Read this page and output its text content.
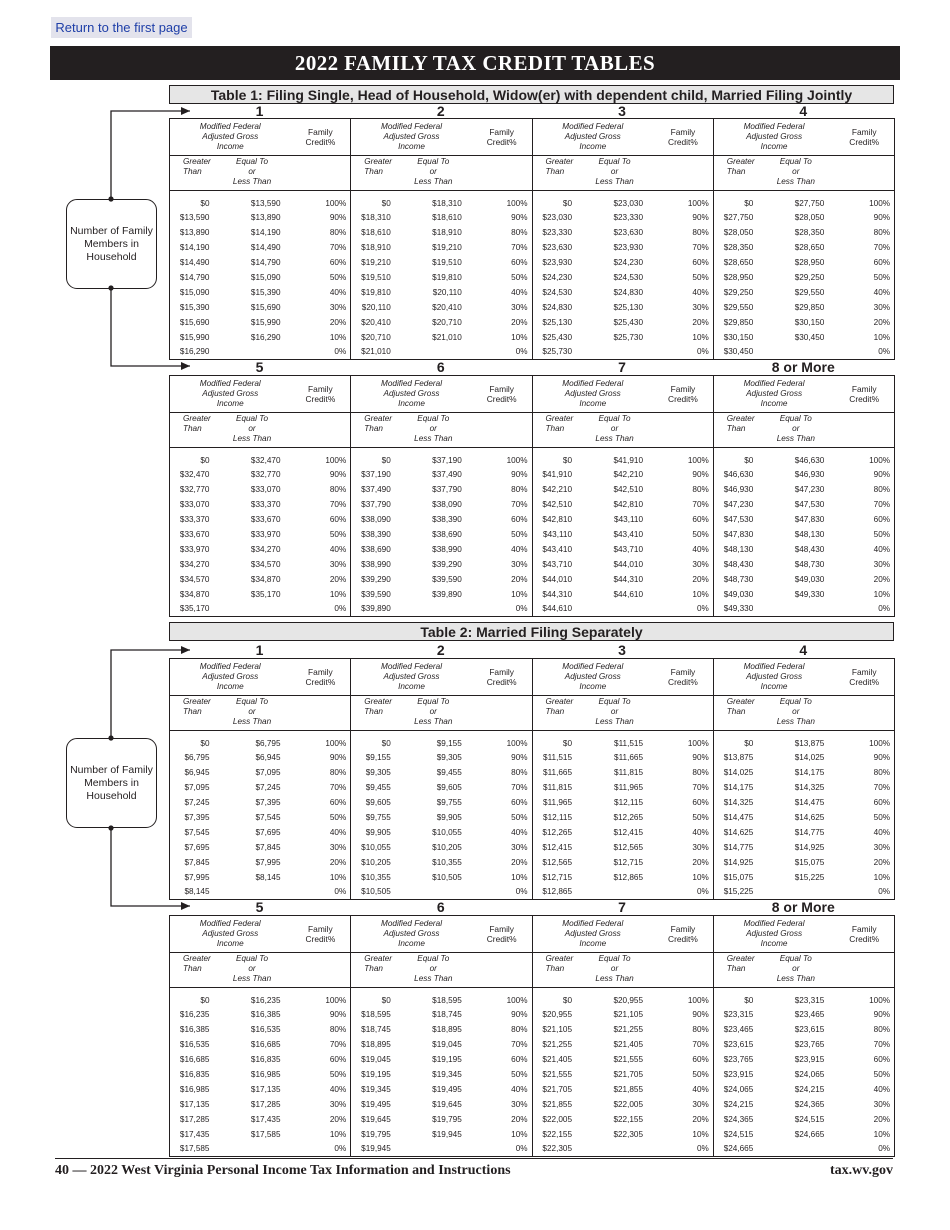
Return to the first page
2022 FAMILY TAX CREDIT TABLES
Number of Family
Members in
Household
Number of Family
Members in
Household
Table 1: Filing Single, Head of Household, Widow(er) with dependent child, Married Filing Jointly
Table 2: Married Filing Separately
40 — 2022 West Virginia Personal Income Tax Information and Instructions	tax.wv.gov
1	2	3	4
Modified Federal
Adjusted Gross
Income		Family
Credit%	Modified Federal
Adjusted Gross
Income		Family
Credit%	Modified Federal
Adjusted Gross
Income		Family
Credit%	Modified Federal
Adjusted Gross
Income		Family
Credit%
Greater
Than	Equal To
or
Less Than		Greater
Than	Equal To
or
Less Than		Greater
Than	Equal To
or
Less Than		Greater
Than	Equal To
or
Less Than	
$0	$13,590	100%	$0	$18,310	100%	$0	$23,030	100%	$0	$27,750	100%
$13,590	$13,890	90%	$18,310	$18,610	90%	$23,030	$23,330	90%	$27,750	$28,050	90%
$13,890	$14,190	80%	$18,610	$18,910	80%	$23,330	$23,630	80%	$28,050	$28,350	80%
$14,190	$14,490	70%	$18,910	$19,210	70%	$23,630	$23,930	70%	$28,350	$28,650	70%
$14,490	$14,790	60%	$19,210	$19,510	60%	$23,930	$24,230	60%	$28,650	$28,950	60%
$14,790	$15,090	50%	$19,510	$19,810	50%	$24,230	$24,530	50%	$28,950	$29,250	50%
$15,090	$15,390	40%	$19,810	$20,110	40%	$24,530	$24,830	40%	$29,250	$29,550	40%
$15,390	$15,690	30%	$20,110	$20,410	30%	$24,830	$25,130	30%	$29,550	$29,850	30%
$15,690	$15,990	20%	$20,410	$20,710	20%	$25,130	$25,430	20%	$29,850	$30,150	20%
$15,990	$16,290	10%	$20,710	$21,010	10%	$25,430	$25,730	10%	$30,150	$30,450	10%
$16,290		0%	$21,010		0%	$25,730		0%	$30,450		0%
5	6	7	8 or More
Modified Federal
Adjusted Gross
Income		Family
Credit%	Modified Federal
Adjusted Gross
Income		Family
Credit%	Modified Federal
Adjusted Gross
Income		Family
Credit%	Modified Federal
Adjusted Gross
Income		Family
Credit%
Greater
Than	Equal To
or
Less Than		Greater
Than	Equal To
or
Less Than		Greater
Than	Equal To
or
Less Than		Greater
Than	Equal To
or
Less Than	
$0	$32,470	100%	$0	$37,190	100%	$0	$41,910	100%	$0	$46,630	100%
$32,470	$32,770	90%	$37,190	$37,490	90%	$41,910	$42,210	90%	$46,630	$46,930	90%
$32,770	$33,070	80%	$37,490	$37,790	80%	$42,210	$42,510	80%	$46,930	$47,230	80%
$33,070	$33,370	70%	$37,790	$38,090	70%	$42,510	$42,810	70%	$47,230	$47,530	70%
$33,370	$33,670	60%	$38,090	$38,390	60%	$42,810	$43,110	60%	$47,530	$47,830	60%
$33,670	$33,970	50%	$38,390	$38,690	50%	$43,110	$43,410	50%	$47,830	$48,130	50%
$33,970	$34,270	40%	$38,690	$38,990	40%	$43,410	$43,710	40%	$48,130	$48,430	40%
$34,270	$34,570	30%	$38,990	$39,290	30%	$43,710	$44,010	30%	$48,430	$48,730	30%
$34,570	$34,870	20%	$39,290	$39,590	20%	$44,010	$44,310	20%	$48,730	$49,030	20%
$34,870	$35,170	10%	$39,590	$39,890	10%	$44,310	$44,610	10%	$49,030	$49,330	10%
$35,170		0%	$39,890		0%	$44,610		0%	$49,330		0%
1	2	3	4
Modified Federal
Adjusted Gross
Income		Family
Credit%	Modified Federal
Adjusted Gross
Income		Family
Credit%	Modified Federal
Adjusted Gross
Income		Family
Credit%	Modified Federal
Adjusted Gross
Income		Family
Credit%
Greater
Than	Equal To
or
Less Than		Greater
Than	Equal To
or
Less Than		Greater
Than	Equal To
or
Less Than		Greater
Than	Equal To
or
Less Than	
$0	$6,795	100%	$0	$9,155	100%	$0	$11,515	100%	$0	$13,875	100%
$6,795	$6,945	90%	$9,155	$9,305	90%	$11,515	$11,665	90%	$13,875	$14,025	90%
$6,945	$7,095	80%	$9,305	$9,455	80%	$11,665	$11,815	80%	$14,025	$14,175	80%
$7,095	$7,245	70%	$9,455	$9,605	70%	$11,815	$11,965	70%	$14,175	$14,325	70%
$7,245	$7,395	60%	$9,605	$9,755	60%	$11,965	$12,115	60%	$14,325	$14,475	60%
$7,395	$7,545	50%	$9,755	$9,905	50%	$12,115	$12,265	50%	$14,475	$14,625	50%
$7,545	$7,695	40%	$9,905	$10,055	40%	$12,265	$12,415	40%	$14,625	$14,775	40%
$7,695	$7,845	30%	$10,055	$10,205	30%	$12,415	$12,565	30%	$14,775	$14,925	30%
$7,845	$7,995	20%	$10,205	$10,355	20%	$12,565	$12,715	20%	$14,925	$15,075	20%
$7,995	$8,145	10%	$10,355	$10,505	10%	$12,715	$12,865	10%	$15,075	$15,225	10%
$8,145		0%	$10,505		0%	$12,865		0%	$15,225		0%
5	6	7	8 or More
Modified Federal
Adjusted Gross
Income		Family
Credit%	Modified Federal
Adjusted Gross
Income		Family
Credit%	Modified Federal
Adjusted Gross
Income		Family
Credit%	Modified Federal
Adjusted Gross
Income		Family
Credit%
Greater
Than	Equal To
or
Less Than		Greater
Than	Equal To
or
Less Than		Greater
Than	Equal To
or
Less Than		Greater
Than	Equal To
or
Less Than	
$0	$16,235	100%	$0	$18,595	100%	$0	$20,955	100%	$0	$23,315	100%
$16,235	$16,385	90%	$18,595	$18,745	90%	$20,955	$21,105	90%	$23,315	$23,465	90%
$16,385	$16,535	80%	$18,745	$18,895	80%	$21,105	$21,255	80%	$23,465	$23,615	80%
$16,535	$16,685	70%	$18,895	$19,045	70%	$21,255	$21,405	70%	$23,615	$23,765	70%
$16,685	$16,835	60%	$19,045	$19,195	60%	$21,405	$21,555	60%	$23,765	$23,915	60%
$16,835	$16,985	50%	$19,195	$19,345	50%	$21,555	$21,705	50%	$23,915	$24,065	50%
$16,985	$17,135	40%	$19,345	$19,495	40%	$21,705	$21,855	40%	$24,065	$24,215	40%
$17,135	$17,285	30%	$19,495	$19,645	30%	$21,855	$22,005	30%	$24,215	$24,365	30%
$17,285	$17,435	20%	$19,645	$19,795	20%	$22,005	$22,155	20%	$24,365	$24,515	20%
$17,435	$17,585	10%	$19,795	$19,945	10%	$22,155	$22,305	10%	$24,515	$24,665	10%
$17,585		0%	$19,945		0%	$22,305		0%	$24,665		0%
